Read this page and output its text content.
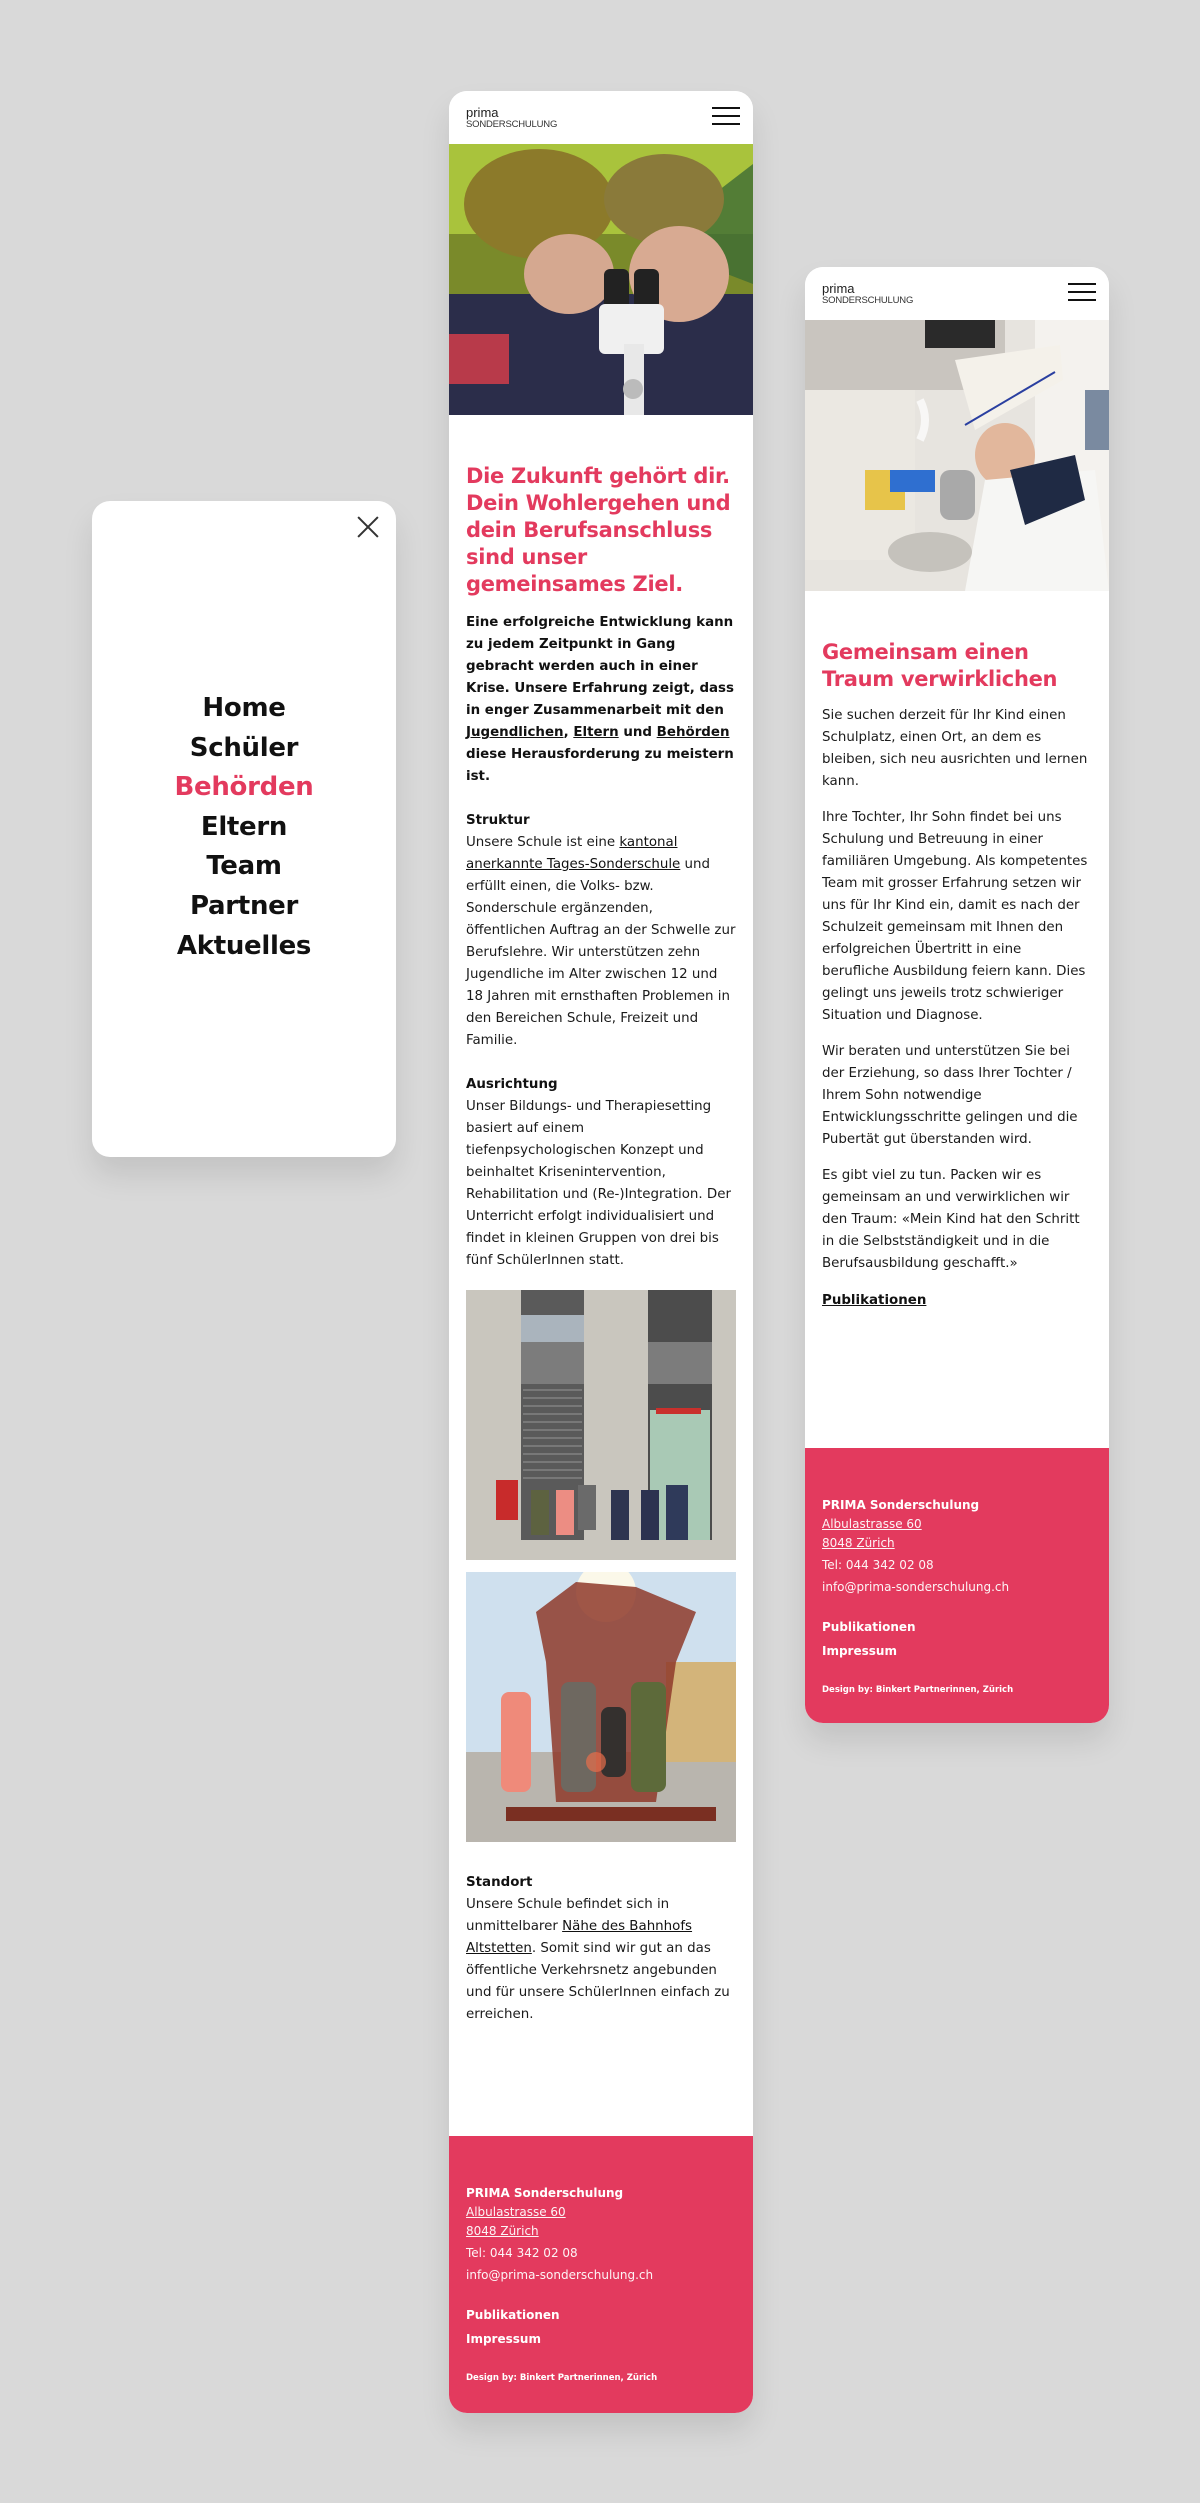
Home
Schüler
Behörden
Eltern
Team
Partner
Aktuelles
prima
SONDERSCHULUNG
Die Zukunft gehört dir. Dein Wohlergehen und dein Berufsanschluss sind unser gemeinsames Ziel.

Eine erfolgreiche Entwicklung kann zu jedem Zeitpunkt in Gang gebracht werden auch in einer Krise. Unsere Erfahrung zeigt, dass in enger Zusammenarbeit mit den Jugendlichen, Eltern und Behörden diese Herausforderung zu meistern ist.

Struktur

Unsere Schule ist eine kantonal anerkannte Tages-Sonderschule und erfüllt einen, die Volks- bzw. Sonderschule ergänzenden, öffentlichen Auftrag an der Schwelle zur Berufslehre. Wir unterstützen zehn Jugendliche im Alter zwischen 12 und 18 Jahren mit ernsthaften Problemen in den Bereichen Schule, Freizeit und Familie.

Ausrichtung

Unser Bildungs- und Therapiesetting basiert auf einem tiefenpsychologischen Konzept und beinhaltet Krisenintervention, Rehabilitation und (Re-)Integration. Der Unterricht erfolgt individualisiert und findet in kleinen Gruppen von drei bis fünf SchülerInnen statt.

Standort

Unsere Schule befindet sich in unmittelbarer Nähe des Bahnhofs Altstetten. Somit sind wir gut an das öffentliche Verkehrsnetz angebunden und für unsere SchülerInnen einfach zu erreichen.

PRIMA Sonderschulung
Albulastrasse 60
8048 Zürich
Tel: 044 342 02 08
info@prima-sonderschulung.ch
Publikationen
Impressum
Design by: Binkert Partnerinnen, Zürich
prima
SONDERSCHULUNG
Gemeinsam einen Traum verwirklichen

Sie suchen derzeit für Ihr Kind einen Schulplatz, einen Ort, an dem es bleiben, sich neu ausrichten und lernen kann.

Ihre Tochter, Ihr Sohn findet bei uns Schulung und Betreuung in einer familiären Umgebung. Als kompetentes Team mit grosser Erfahrung setzen wir uns für Ihr Kind ein, damit es nach der Schulzeit gemeinsam mit Ihnen den erfolgreichen Übertritt in eine berufliche Ausbildung feiern kann. Dies gelingt uns jeweils trotz schwieriger Situation und Diagnose.

Wir beraten und unterstützen Sie bei der Erziehung, so dass Ihrer Tochter / Ihrem Sohn notwendige Entwicklungsschritte gelingen und die Pubertät gut überstanden wird.

Es gibt viel zu tun. Packen wir es gemeinsam an und verwirklichen wir den Traum: «Mein Kind hat den Schritt in die Selbstständigkeit und in die Berufsausbildung geschafft.»

Publikationen
PRIMA Sonderschulung
Albulastrasse 60
8048 Zürich
Tel: 044 342 02 08
info@prima-sonderschulung.ch
Publikationen
Impressum
Design by: Binkert Partnerinnen, Zürich
